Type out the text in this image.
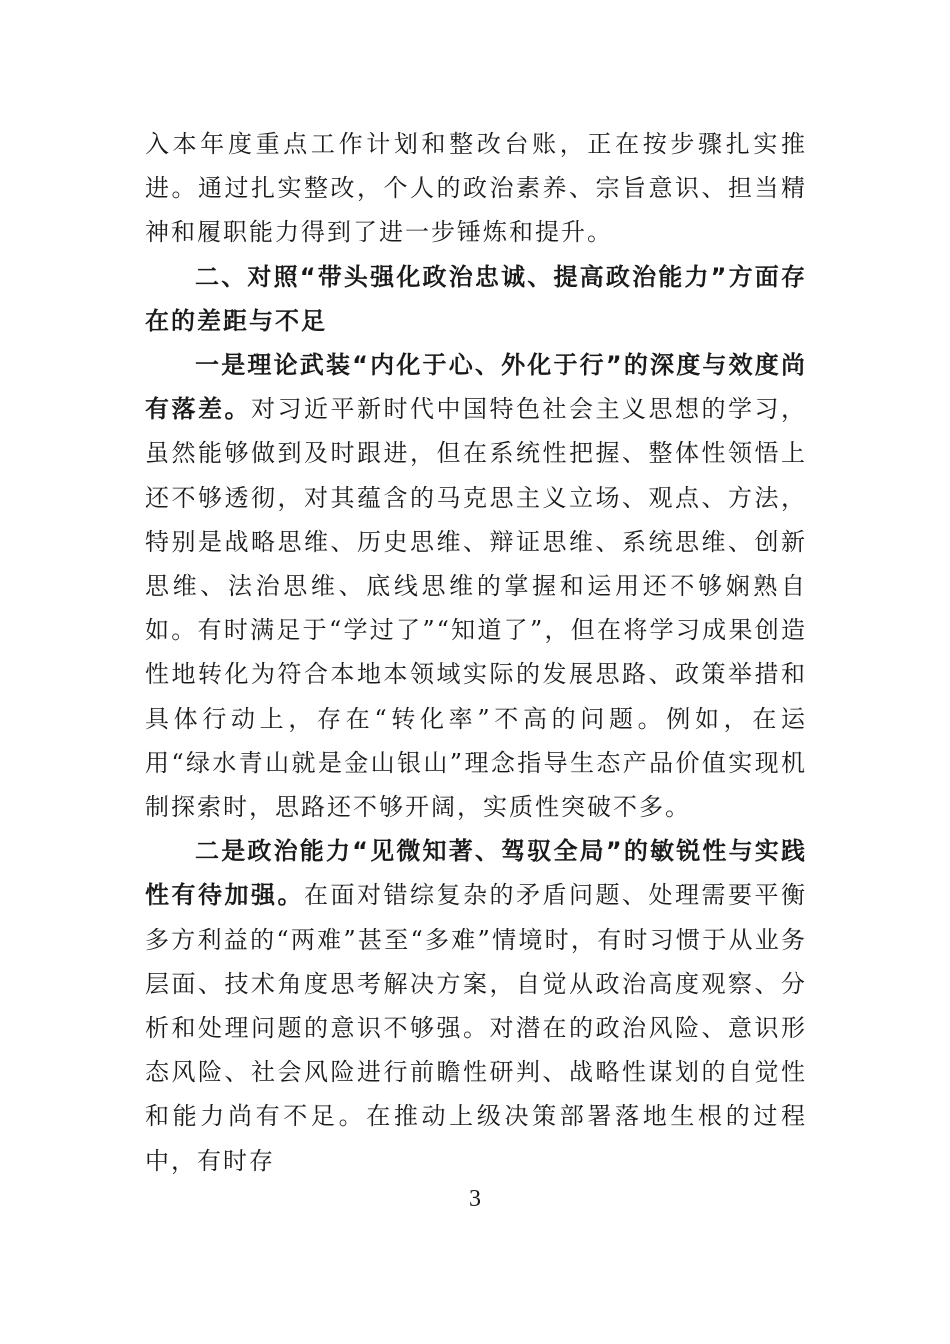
入本年度重点工作计划和整改台账，正在按步骤扎实推进。通过扎实整改，个人的政治素养、宗旨意识、担当精神和履职能力得到了进一步锤炼和提升。

二、对照“带头强化政治忠诚、提高政治能力”方面存在的差距与不足

一是理论武装“内化于心、外化于行”的深度与效度尚有落差。对习近平新时代中国特色社会主义思想的学习，虽然能够做到及时跟进，但在系统性把握、整体性领悟上还不够透彻，对其蕴含的马克思主义立场、观点、方法，特别是战略思维、历史思维、辩证思维、系统思维、创新思维、法治思维、底线思维的掌握和运用还不够娴熟自如。有时满足于“学过了”“知道了”，但在将学习成果创造性地转化为符合本地本领域实际的发展思路、政策举措和具体行动上，存在“转化率”不高的问题。例如，在运用“绿水青山就是金山银山”理念指导生态产品价值实现机制探索时，思路还不够开阔，实质性突破不多。

二是政治能力“见微知著、驾驭全局”的敏锐性与实践性有待加强。在面对错综复杂的矛盾问题、处理需要平衡多方利益的“两难”甚至“多难”情境时，有时习惯于从业务层面、技术角度思考解决方案，自觉从政治高度观察、分析和处理问题的意识不够强。对潜在的政治风险、意识形态风险、社会风险进行前瞻性研判、战略性谋划的自觉性和能力尚有不足。在推动上级决策部署落地生根的过程中，有时存

3
